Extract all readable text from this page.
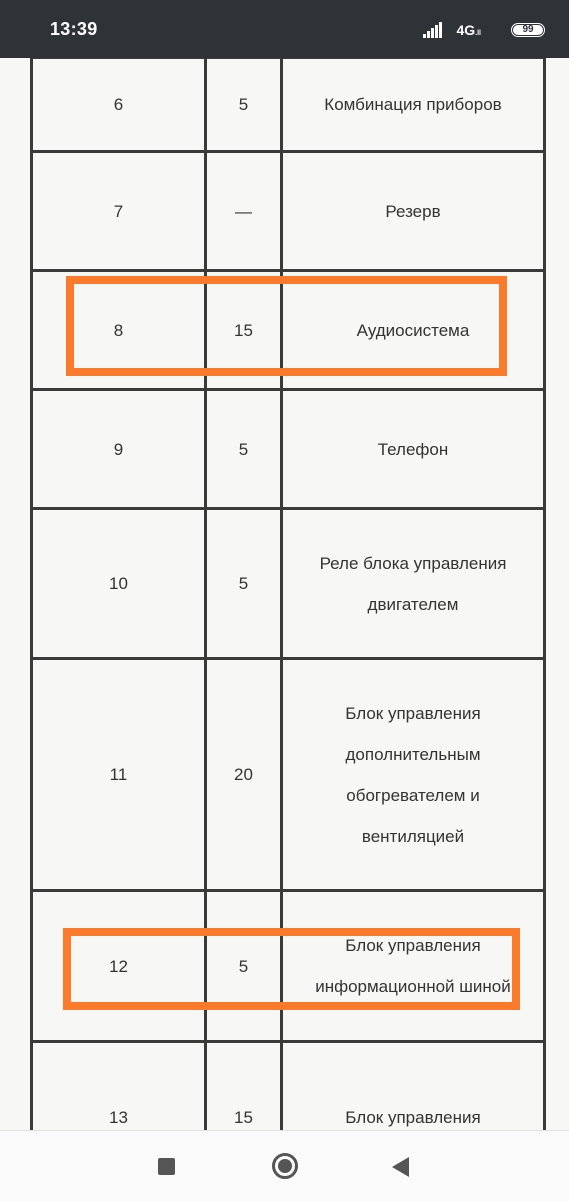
13:39	4G.ll	99
6	5	Комбинация приборов
7	—	Резерв
8	15	Аудиосистема
9	5	Телефон
10	5	Реле блока управления двигателем
11	20	Блок управления дополнительным обогревателем и вентиляцией
12	5	Блок управления информационной шиной
13	15	Блок управления
